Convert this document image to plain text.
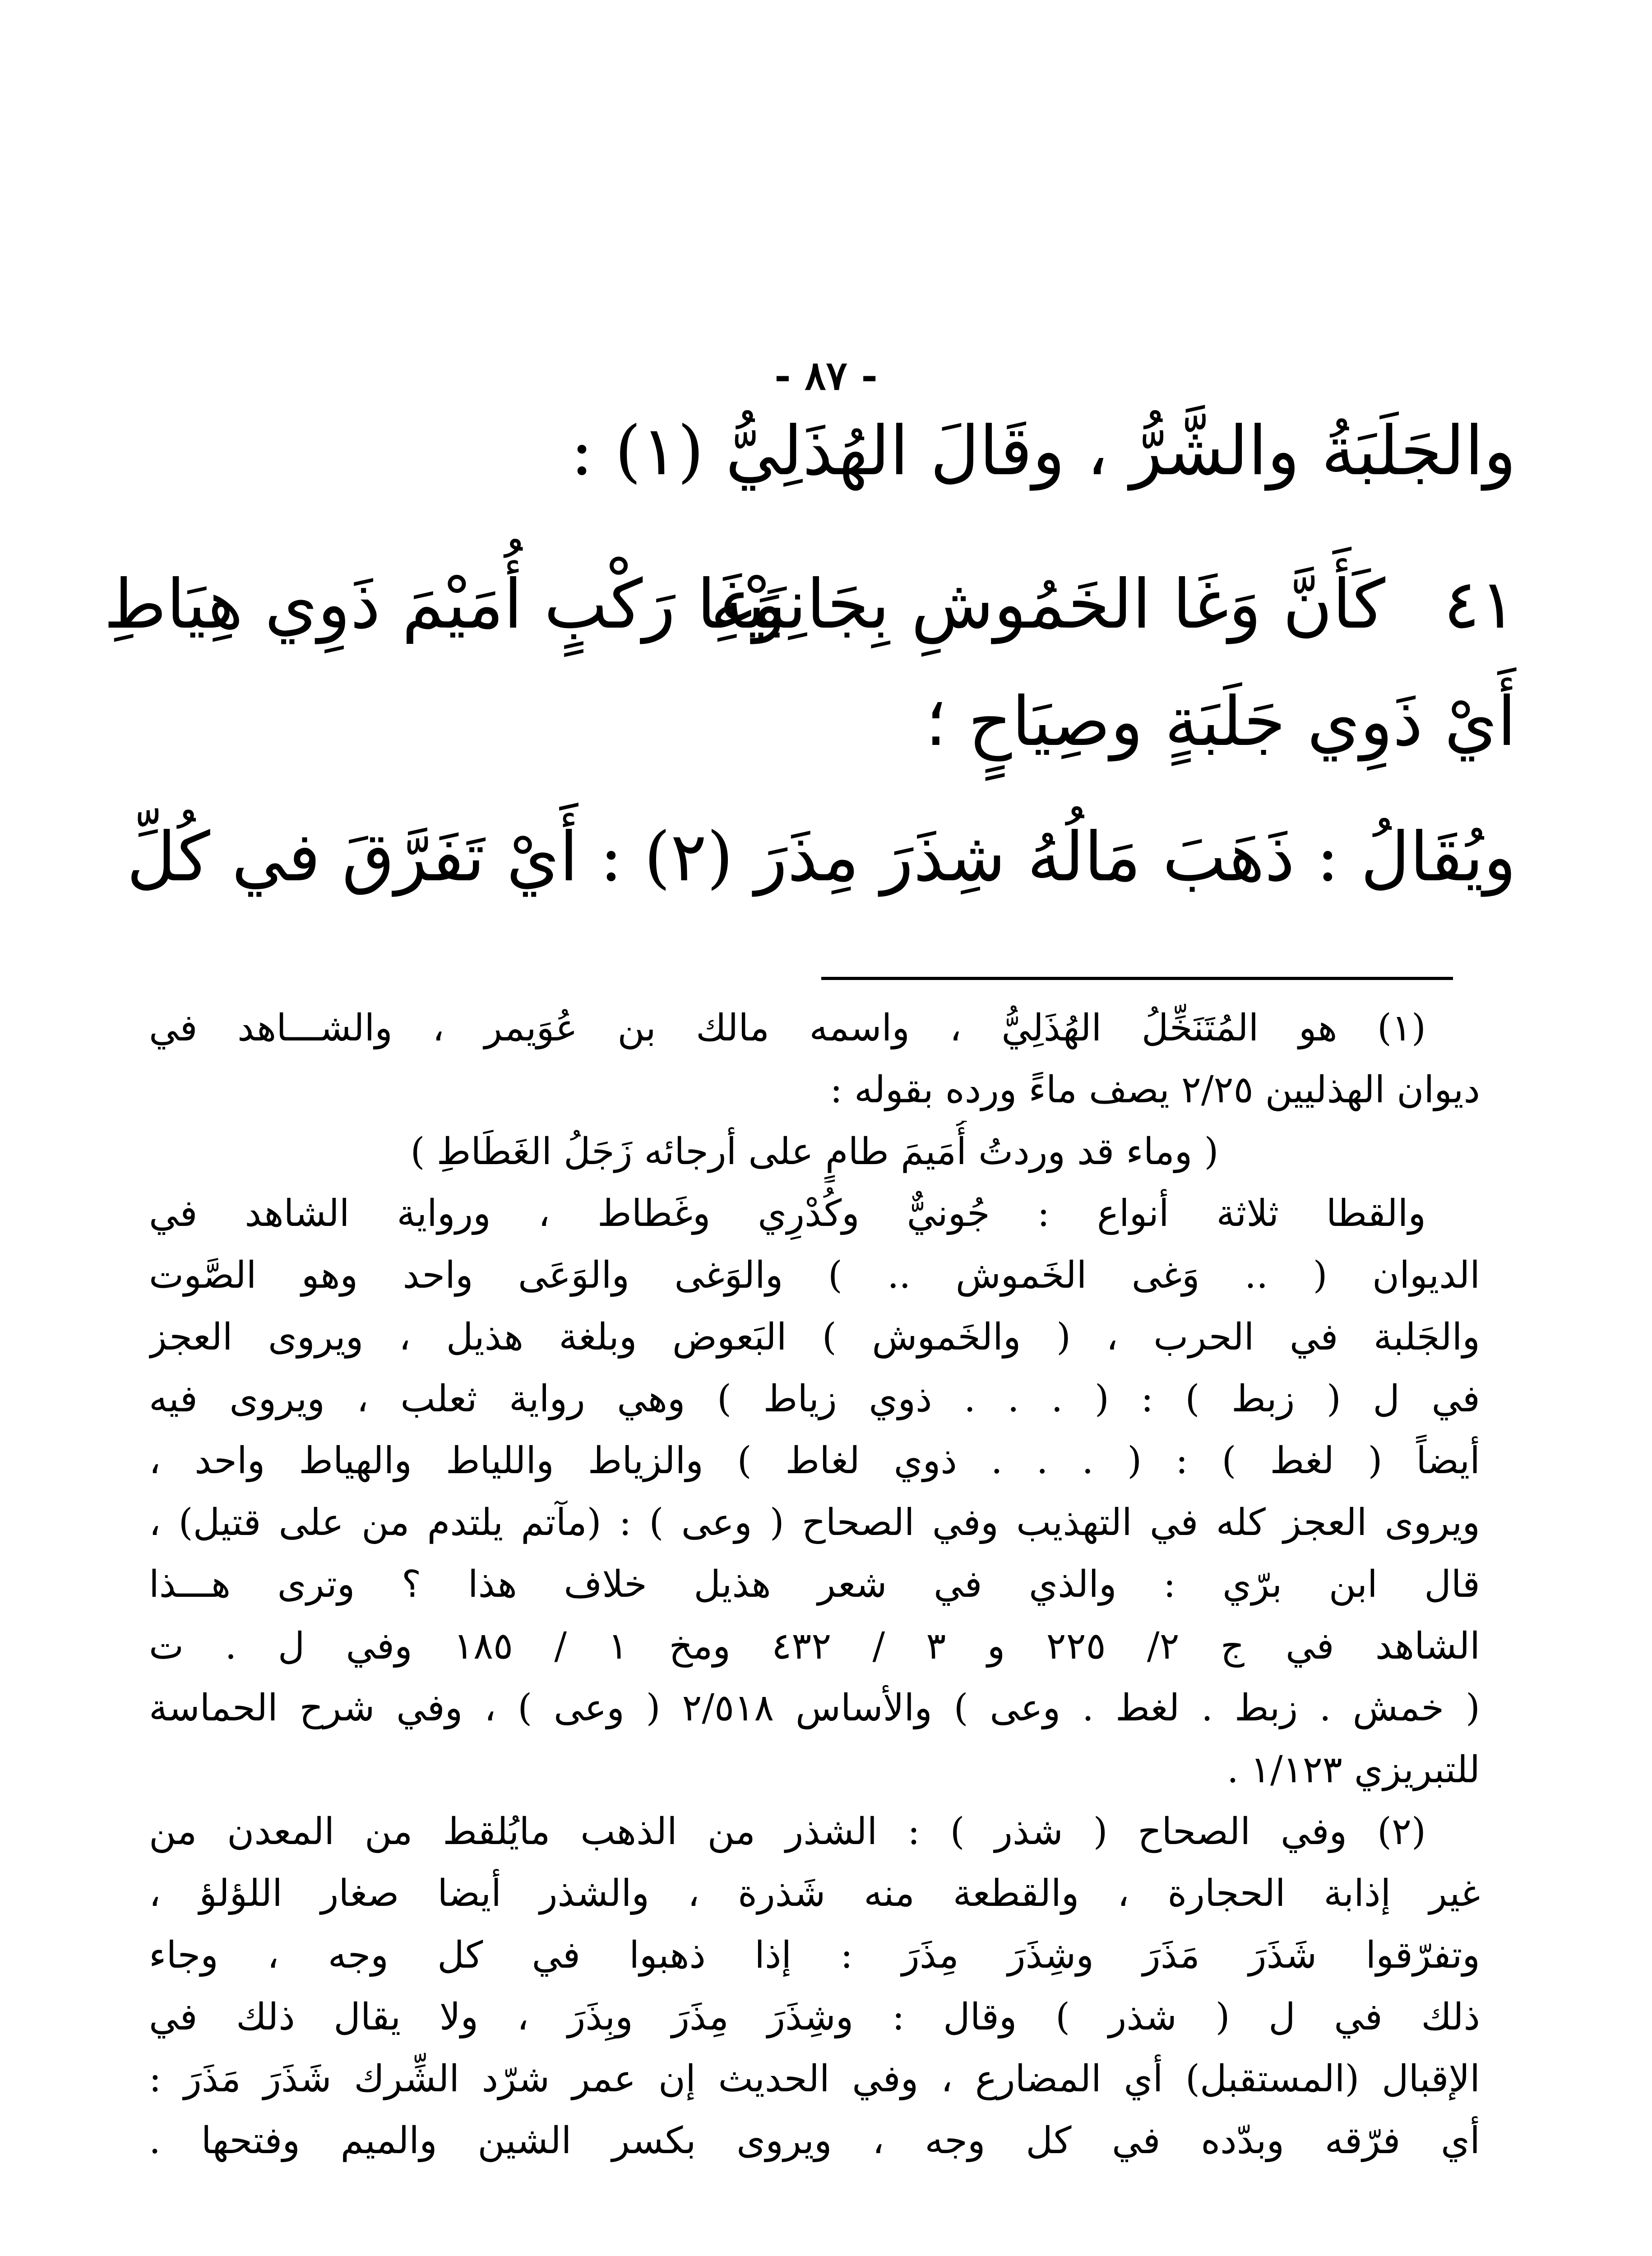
- ٨٧ -
والجَلَبَةُ والشَّرُّ ، وقَالَ الهُذَلِيُّ (١) :
٤١
كَأَنَّ وَغَا الخَمُوشِ بِجَانِبَيْهِ
وَغَا رَكْبٍ أُمَيْمَ ذَوِي هِيَاطِ
أَيْ ذَوِي جَلَبَةٍ وصِيَاحٍ ؛
ويُقَالُ : ذَهَبَ مَالُهُ شِذَرَ مِذَرَ (٢) : أَيْ تَفَرَّقَ في كُلِّ
(١) هو المُتَنَخِّلُ الهُذَلِيُّ ، واسمه مالك بن عُوَيمر ، والشـــاهد في
ديوان الهذليين ٢/٢٥ يصف ماءً ورده بقوله :
( وماء قد وردتُ أُمَيمَ طامٍ على أرجائه زَجَلُ الغَطَاطِ )
والقطا ثلاثة أنواع : جُونيٌّ وكُدْرِي وغَطاط ، ورواية الشاهد في
الديوان ( .. وَغى الخَموش .. ) والوَغى والوَعَى واحد وهو الصَّوت
والجَلبة في الحرب ، ( والخَموش ) البَعوض وبلغة هذيل ، ويروى العجز
في ل ( زبط ) : ( . . . ذوي زياط ) وهي رواية ثعلب ، ويروى فيه
أيضاً ( لغط ) : ( . . . ذوي لغاط ) والزياط واللياط والهياط واحد ،
ويروى العجز كله في التهذيب وفي الصحاح ( وعى ) : (مآتم يلتدم من على قتيل) ،
قال ابن برّي : والذي في شعر هذيل خلاف هذا ؟ وترى هـــذا
الشاهد في ج ٢/ ٢٢٥ و ٣ / ٤٣٢ ومخ ١ / ١٨٥ وفي ل . ت
( خمش . زبط . لغط . وعى ) والأساس ٢/٥١٨ ( وعى ) ، وفي شرح الحماسة
للتبريزي ١/١٢٣ .
(٢) وفي الصحاح ( شذر ) : الشذر من الذهب مايُلقط من المعدن من
غير إذابة الحجارة ، والقطعة منه شَذرة ، والشذر أيضا صغار اللؤلؤ ،
وتفرّقوا شَذَرَ مَذَرَ وشِذَرَ مِذَرَ : إذا ذهبوا في كل وجه ، وجاء
ذلك في ل ( شذر ) وقال : وشِذَرَ مِذَرَ وبِذَرَ ، ولا يقال ذلك في
الإقبال (المستقبل) أي المضارع ، وفي الحديث إن عمر شرّد الشِّرك شَذَرَ مَذَرَ :
أي فرّقه وبدّده في كل وجه ، ويروى بكسر الشين والميم وفتحها .
